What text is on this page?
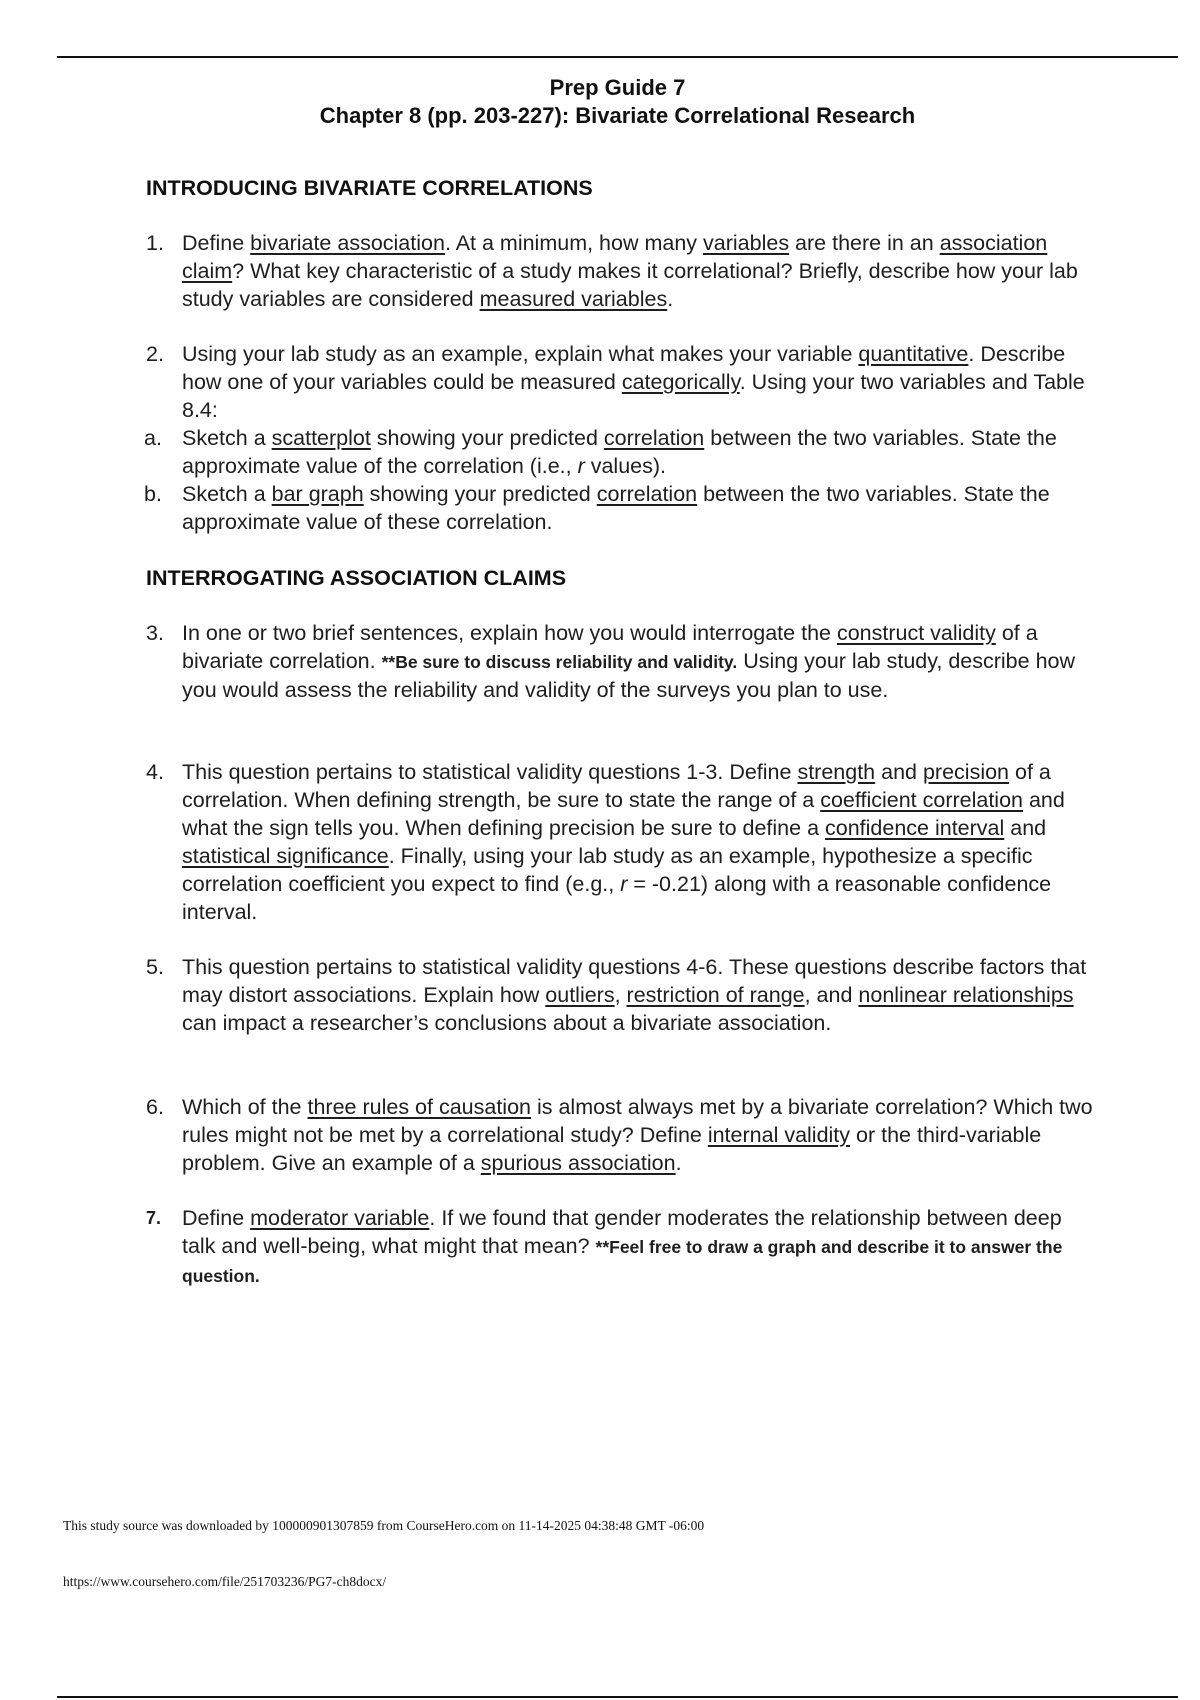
Prep Guide 7
Chapter 8 (pp. 203-227): Bivariate Correlational Research
INTRODUCING BIVARIATE CORRELATIONS
1. Define bivariate association. At a minimum, how many variables are there in an association claim? What key characteristic of a study makes it correlational? Briefly, describe how your lab study variables are considered measured variables.
2. Using your lab study as an example, explain what makes your variable quantitative. Describe how one of your variables could be measured categorically. Using your two variables and Table 8.4:
a. Sketch a scatterplot showing your predicted correlation between the two variables. State the approximate value of the correlation (i.e., r values).
b. Sketch a bar graph showing your predicted correlation between the two variables. State the approximate value of these correlation.
INTERROGATING ASSOCIATION CLAIMS
3. In one or two brief sentences, explain how you would interrogate the construct validity of a bivariate correlation. **Be sure to discuss reliability and validity. Using your lab study, describe how you would assess the reliability and validity of the surveys you plan to use.
4. This question pertains to statistical validity questions 1-3. Define strength and precision of a correlation. When defining strength, be sure to state the range of a coefficient correlation and what the sign tells you. When defining precision be sure to define a confidence interval and statistical significance. Finally, using your lab study as an example, hypothesize a specific correlation coefficient you expect to find (e.g., r = -0.21) along with a reasonable confidence interval.
5. This question pertains to statistical validity questions 4-6. These questions describe factors that may distort associations. Explain how outliers, restriction of range, and nonlinear relationships can impact a researcher’s conclusions about a bivariate association.
6. Which of the three rules of causation is almost always met by a bivariate correlation? Which two rules might not be met by a correlational study? Define internal validity or the third-variable problem. Give an example of a spurious association.
7. Define moderator variable. If we found that gender moderates the relationship between deep talk and well-being, what might that mean? **Feel free to draw a graph and describe it to answer the question.
This study source was downloaded by 100000901307859 from CourseHero.com on 11-14-2025 04:38:48 GMT -06:00
https://www.coursehero.com/file/251703236/PG7-ch8docx/
